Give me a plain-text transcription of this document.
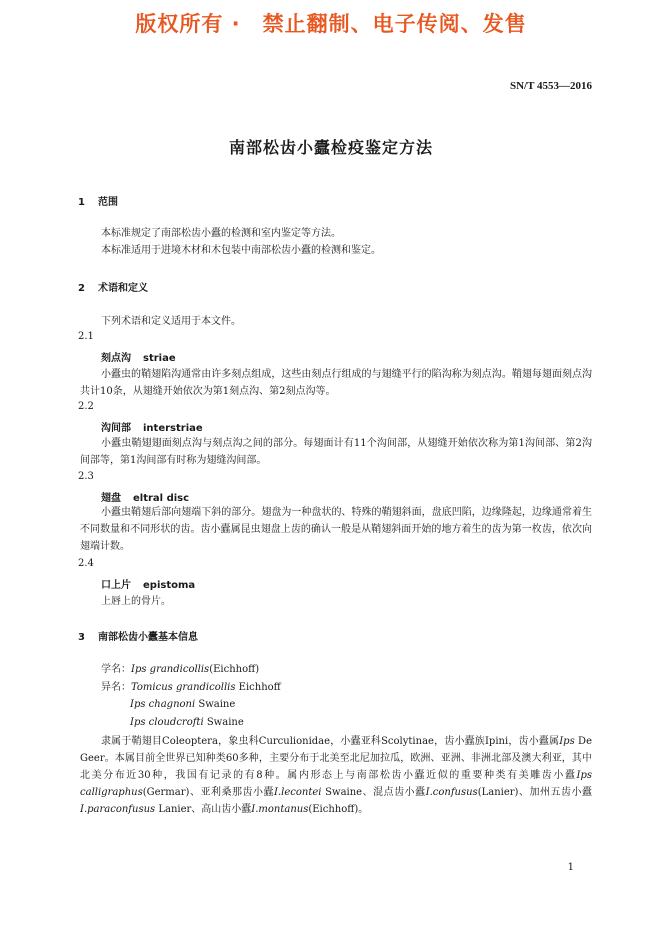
版权所有 ·　禁止翻制、电子传阅、发售
SN/T 4553—2016
南部松齿小蠹检疫鉴定方法
1 范围
本标准规定了南部松齿小蠹的检测和室内鉴定等方法。
本标准适用于进境木材和木包装中南部松齿小蠹的检测和鉴定。
2 术语和定义
下列术语和定义适用于本文件。
2.1
刻点沟 striae
小蠹虫的鞘翅陷沟通常由许多刻点组成，这些由刻点行组成的与翅缝平行的陷沟称为刻点沟。鞘翅每翅面刻点沟共计10条，从翅缝开始依次为第1刻点沟、第2刻点沟等。
2.2
沟间部 interstriae
小蠹虫鞘翅翅面刻点沟与刻点沟之间的部分。每翅面计有11个沟间部，从翅缝开始依次称为第1沟间部、第2沟间部等，第1沟间部有时称为翅缝沟间部。
2.3
翅盘 eltral disc
小蠹虫鞘翅后部向翅端下斜的部分。翅盘为一种盘状的、特殊的鞘翅斜面，盘底凹陷，边缘隆起，边缘通常着生不同数量和不同形状的齿。齿小蠹属昆虫翅盘上齿的确认一般是从鞘翅斜面开始的地方着生的齿为第一枚齿，依次向翅端计数。
2.4
口上片 epistoma
上唇上的骨片。
3 南部松齿小蠹基本信息
学名：Ips grandicollis(Eichhoff)
异名：Tomicus grandicollis Eichhoff
Ips chagnoni Swaine
Ips cloudcrofti Swaine
隶属于鞘翅目Coleoptera，象虫科Curculionidae，小蠹亚科Scolytinae，齿小蠹族Ipini，齿小蠹属Ips De Geer。本属目前全世界已知种类60多种，主要分布于北美至北尼加拉瓜，欧洲、亚洲、非洲北部及澳大利亚，其中北美分布近30种，我国有记录的有8种。属内形态上与南部松齿小蠹近似的重要种类有美雕齿小蠹Ips calligraphus(Germar)、亚利桑那齿小蠹I.lecontei Swaine、混点齿小蠹I.confusus(Lanier)、加州五齿小蠹I.paraconfusus Lanier、高山齿小蠹I.montanus(Eichhoff)。
1
